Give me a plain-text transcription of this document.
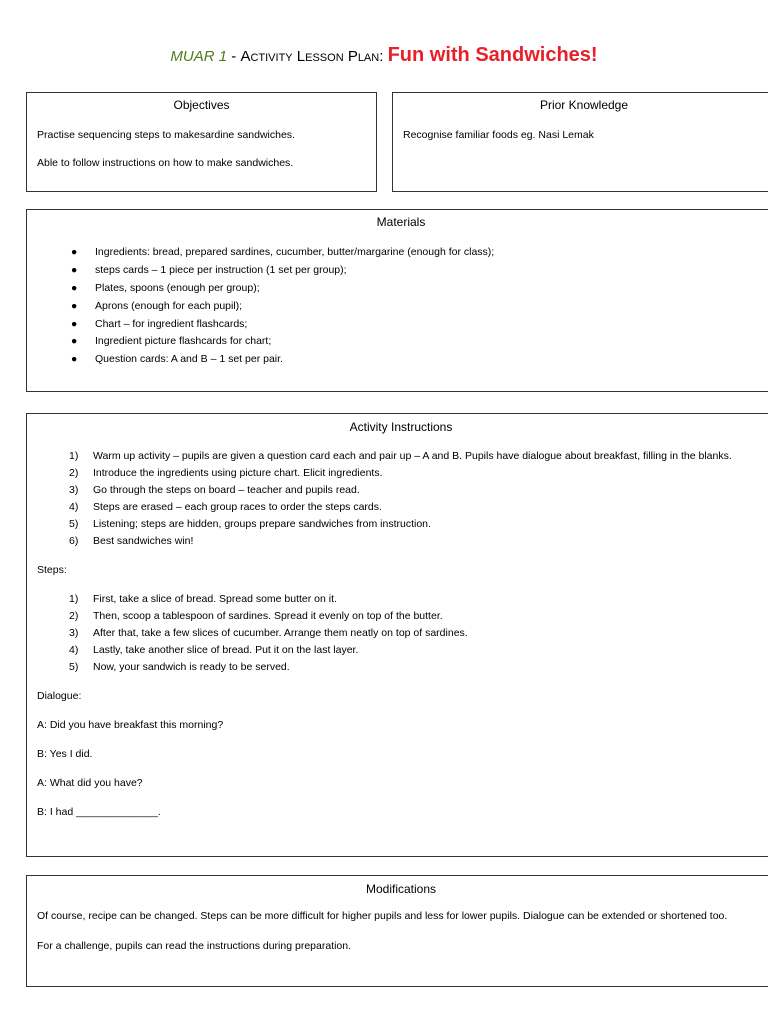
MUAR 1 - Activity Lesson Plan: Fun with Sandwiches!
Objectives

Practise sequencing steps to makesardine sandwiches.

Able to follow instructions on how to make sandwiches.

Prior Knowledge

Recognise familiar foods eg. Nasi Lemak

Materials
● Ingredients: bread, prepared sardines, cucumber, butter/margarine (enough for class);
● steps cards – 1 piece per instruction (1 set per group);
● Plates, spoons (enough per group);
● Aprons (enough for each pupil);
● Chart – for ingredient flashcards;
● Ingredient picture flashcards for chart;
● Question cards: A and B – 1 set per pair.
Activity Instructions
1) Warm up activity – pupils are given a question card each and pair up – A and B. Pupils have dialogue about breakfast, filling in the blanks.
2) Introduce the ingredients using picture chart. Elicit ingredients.
3) Go through the steps on board – teacher and pupils read.
4) Steps are erased – each group races to order the steps cards.
5) Listening; steps are hidden, groups prepare sandwiches from instruction.
6) Best sandwiches win!

Steps:

1) First, take a slice of bread. Spread some butter on it.
2) Then, scoop a tablespoon of sardines. Spread it evenly on top of the butter.
3) After that, take a few slices of cucumber. Arrange them neatly on top of sardines.
4) Lastly, take another slice of bread. Put it on the last layer.
5) Now, your sandwich is ready to be served.

Dialogue:

A: Did you have breakfast this morning?

B: Yes I did.

A: What did you have?

B: I had ______________.

Modifications

Of course, recipe can be changed. Steps can be more difficult for higher pupils and less for lower pupils. Dialogue can be extended or shortened too.

For a challenge, pupils can read the instructions during preparation.
